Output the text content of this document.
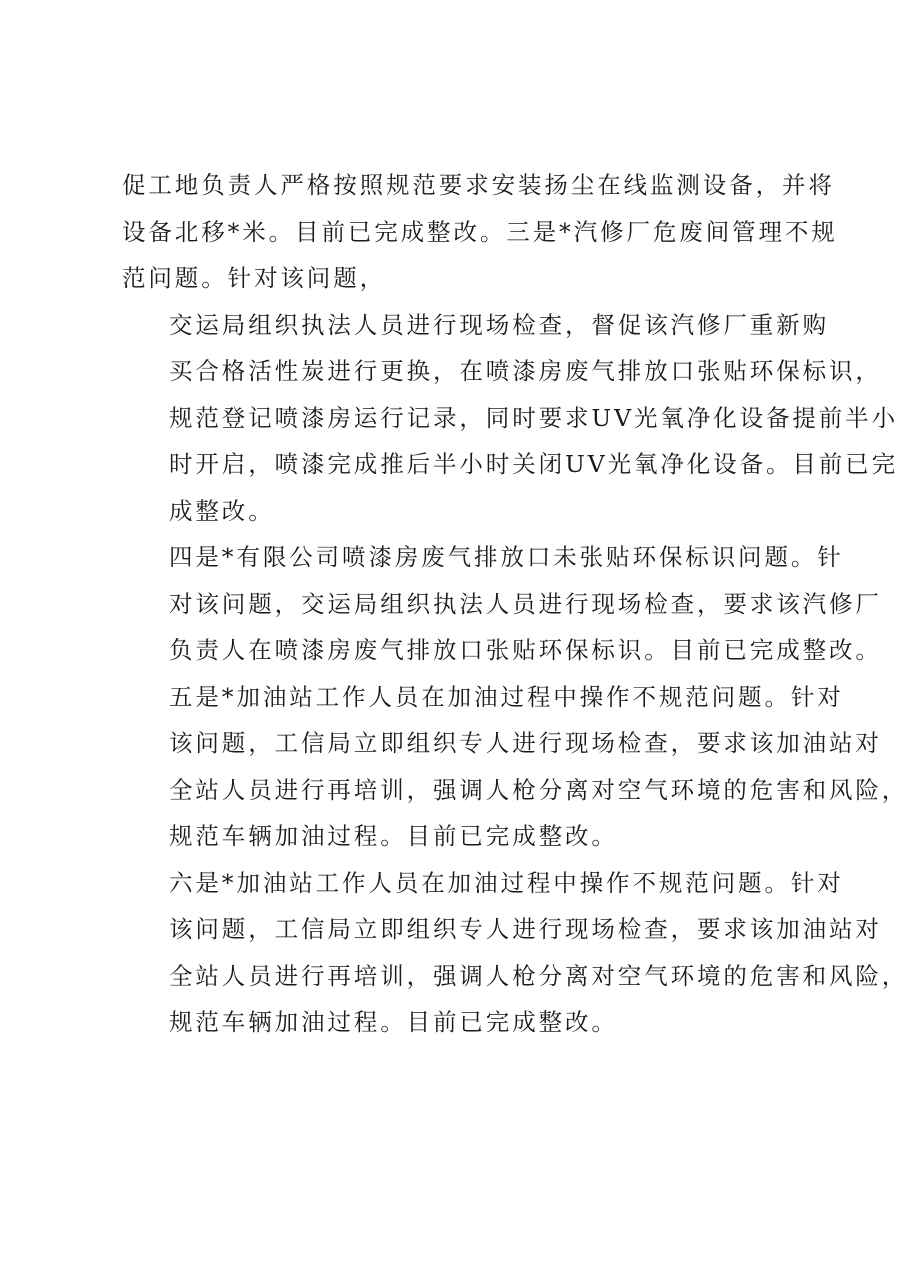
促工地负责人严格按照规范要求安装扬尘在线监测设备，并将
设备北移*米。目前已完成整改。三是*汽修厂危废间管理不规
范问题。针对该问题，
交运局组织执法人员进行现场检查，督促该汽修厂重新购
买合格活性炭进行更换，在喷漆房废气排放口张贴环保标识，
规范登记喷漆房运行记录，同时要求UV光氧净化设备提前半小
时开启，喷漆完成推后半小时关闭UV光氧净化设备。目前已完
成整改。
四是*有限公司喷漆房废气排放口未张贴环保标识问题。针
对该问题，交运局组织执法人员进行现场检查，要求该汽修厂
负责人在喷漆房废气排放口张贴环保标识。目前已完成整改。
五是*加油站工作人员在加油过程中操作不规范问题。针对
该问题，工信局立即组织专人进行现场检查，要求该加油站对
全站人员进行再培训，强调人枪分离对空气环境的危害和风险，
规范车辆加油过程。目前已完成整改。
六是*加油站工作人员在加油过程中操作不规范问题。针对
该问题，工信局立即组织专人进行现场检查，要求该加油站对
全站人员进行再培训，强调人枪分离对空气环境的危害和风险，
规范车辆加油过程。目前已完成整改。
